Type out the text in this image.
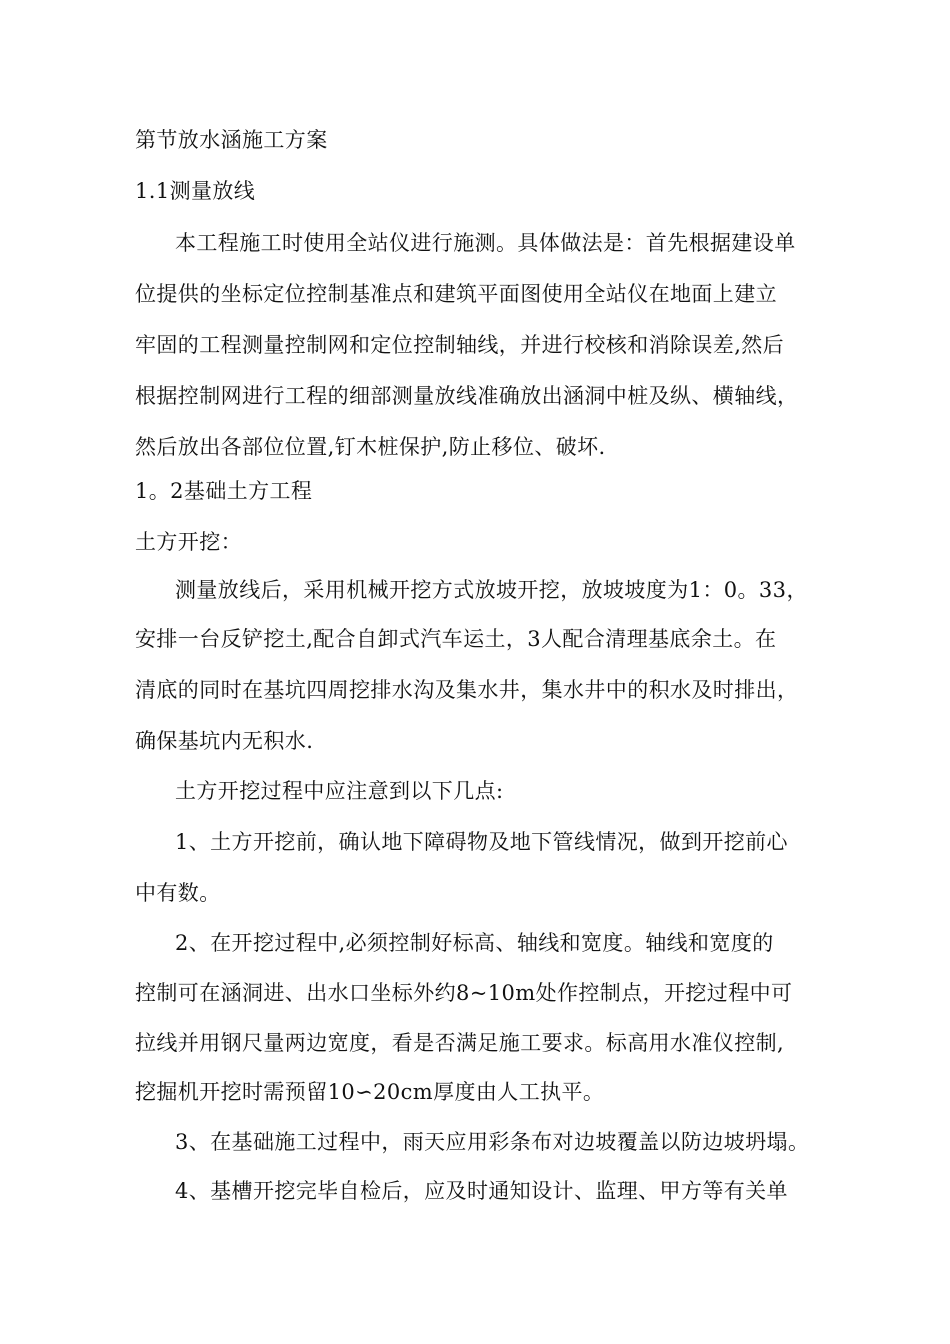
第节放水涵施工方案
1.1测量放线
本工程施工时使用全站仪进行施测。具体做法是：首先根据建设单
位提供的坐标定位控制基准点和建筑平面图使用全站仪在地面上建立
牢固的工程测量控制网和定位控制轴线，并进行校核和消除误差,然后
根据控制网进行工程的细部测量放线准确放出涵洞中桩及纵、横轴线，
然后放出各部位位置,钉木桩保护,防止移位、破坏.
1。2基础土方工程
土方开挖：
测量放线后，采用机械开挖方式放坡开挖，放坡坡度为1：0。33，
安排一台反铲挖土,配合自卸式汽车运土，3人配合清理基底余土。在
清底的同时在基坑四周挖排水沟及集水井，集水井中的积水及时排出，
确保基坑内无积水.
土方开挖过程中应注意到以下几点:
1、土方开挖前，确认地下障碍物及地下管线情况，做到开挖前心
中有数。
2、在开挖过程中,必须控制好标高、轴线和宽度。轴线和宽度的
控制可在涵洞进、出水口坐标外约8~10m处作控制点，开挖过程中可
拉线并用钢尺量两边宽度，看是否满足施工要求。标高用水准仪控制,
挖掘机开挖时需预留10∽20cm厚度由人工执平。
3、在基础施工过程中，雨天应用彩条布对边坡覆盖以防边坡坍塌。
4、基槽开挖完毕自检后，应及时通知设计、监理、甲方等有关单
